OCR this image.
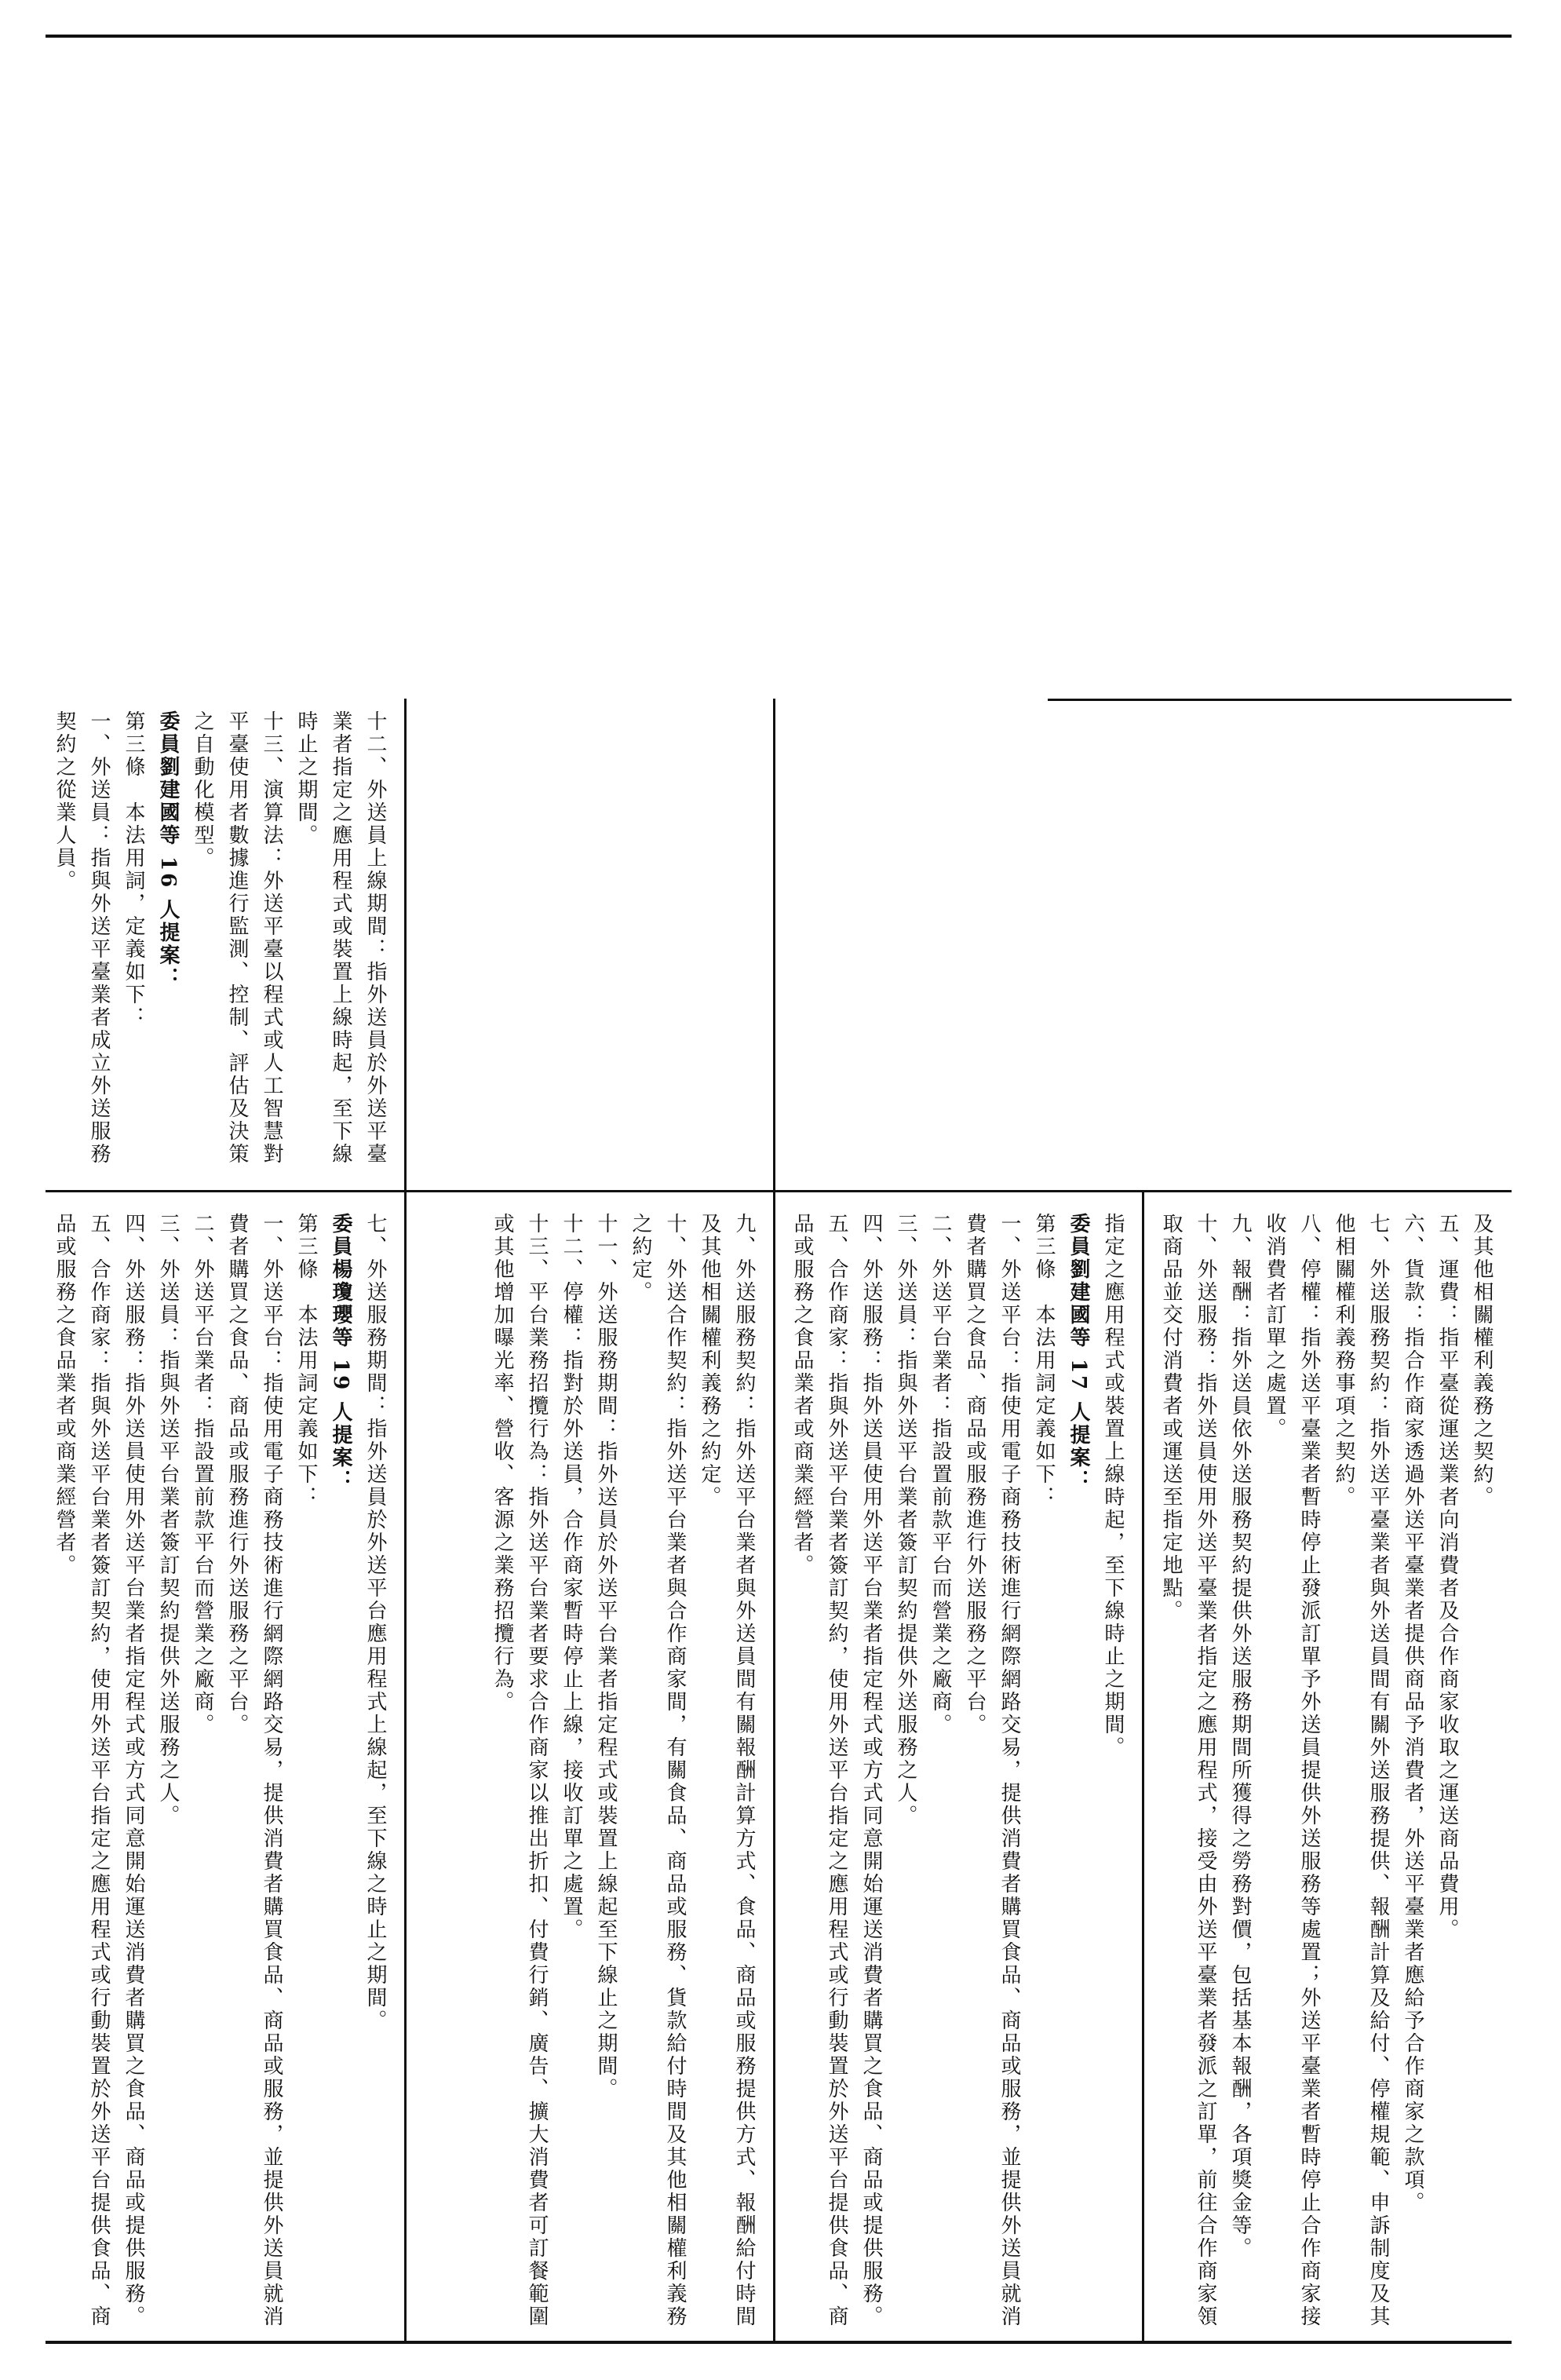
七、外送服務期間：指外送員於外送平台應用程式上線起，至下線之時止之期間。

委員楊瓊瓔等 19 人提案：

第三條　本法用詞定義如下：

一、外送平台：指使用電子商務技術進行網際網路交易，提供消費者購買食品、商品或服務，並提供外送員就消費者購買之食品、商品或服務進行外送服務之平台。

二、外送平台業者：指設置前款平台而營業之廠商。

三、外送員：指與外送平台業者簽訂契約提供外送服務之人。

四、外送服務：指外送員使用外送平台業者指定程式或方式同意開始運送消費者購買之食品、商品或提供服務。

五、合作商家：指與外送平台業者簽訂契約，使用外送平台指定之應用程式或行動裝置於外送平台提供食品、商品或服務之食品業者或商業經營者。	九、外送服務契約：指外送平台業者與外送員間有關報酬計算方式、食品、商品或服務提供方式、報酬給付時間及其他相關權利義務之約定。

十、外送合作契約：指外送平台業者與合作商家間，有關食品、商品或服務、貨款給付時間及其他相關權利義務之約定。

十一、外送服務期間：指外送員於外送平台業者指定程式或裝置上線起至下線止之期間。

十二、停權：指對於外送員，合作商家暫時停止上線，接收訂單之處置。

十三、平台業務招攬行為：指外送平台業者要求合作商家以推出折扣、付費行銷、廣告、擴大消費者可訂餐範圍或其他增加曝光率、營收、客源之業務招攬行為。	指定之應用程式或裝置上線時起，至下線時止之期間。

委員劉建國等 17 人提案：

第三條　本法用詞定義如下：

一、外送平台：指使用電子商務技術進行網際網路交易，提供消費者購買食品、商品或服務，並提供外送員就消費者購買之食品、商品或服務進行外送服務之平台。

二、外送平台業者：指設置前款平台而營業之廠商。

三、外送員：指與外送平台業者簽訂契約提供外送服務之人。

四、外送服務：指外送員使用外送平台業者指定程式或方式同意開始運送消費者購買之食品、商品或提供服務。

五、合作商家：指與外送平台業者簽訂契約，使用外送平台指定之應用程式或行動裝置於外送平台提供食品、商品或服務之食品業者或商業經營者。	及其他相關權利義務之契約。

五、運費：指平臺從運送業者向消費者及合作商家收取之運送商品費用。

六、貨款：指合作商家透過外送平臺業者提供商品予消費者，外送平臺業者應給予合作商家之款項。

七、外送服務契約：指外送平臺業者與外送員間有關外送服務提供、報酬計算及給付、停權規範、申訴制度及其他相關權利義務事項之契約。

八、停權：指外送平臺業者暫時停止發派訂單予外送員提供外送服務等處置；外送平臺業者暫時停止合作商家接收消費者訂單之處置。

九、報酬：指外送員依外送服務契約提供外送服務期間所獲得之勞務對價，包括基本報酬，各項獎金等。

十、外送服務：指外送員使用外送平臺業者指定之應用程式，接受由外送平臺業者發派之訂單，前往合作商家領取商品並交付消費者或運送至指定地點。

十二、外送員上線期間：指外送員於外送平臺業者指定之應用程式或裝置上線時起，至下線時止之期間。

十三、演算法：外送平臺以程式或人工智慧對平臺使用者數據進行監測、控制、評估及決策之自動化模型。

委員劉建國等 16 人提案：

第三條　本法用詞，定義如下：

一、外送員：指與外送平臺業者成立外送服務契約之從業人員。
